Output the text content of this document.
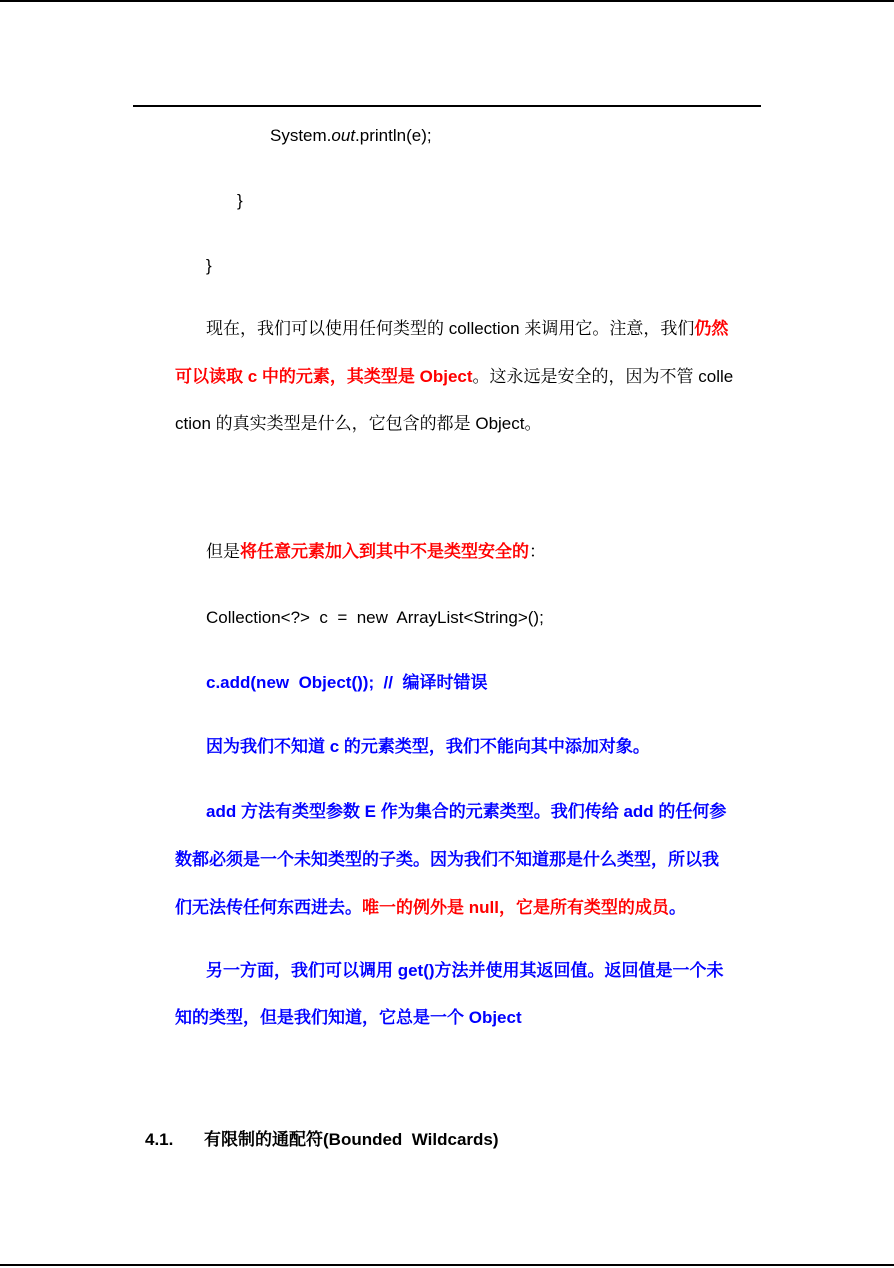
System.out.println(e);
}
}
现在，我们可以使用任何类型的 collection 来调用它。注意，我们仍然
可以读取 c 中的元素，其类型是 Object。这永远是安全的，因为不管 colle
ction 的真实类型是什么，它包含的都是 Object。
但是将任意元素加入到其中不是类型安全的：
Collection<?>  c  =  new  ArrayList<String>();
c.add(new  Object());  //  编译时错误
因为我们不知道 c 的元素类型，我们不能向其中添加对象。
add 方法有类型参数 E 作为集合的元素类型。我们传给 add 的任何参
数都必须是一个未知类型的子类。因为我们不知道那是什么类型，所以我
们无法传任何东西进去。唯一的例外是 null，它是所有类型的成员。
另一方面，我们可以调用 get()方法并使用其返回值。返回值是一个未
知的类型，但是我们知道，它总是一个 Object
4.1. 有限制的通配符(Bounded  Wildcards)
